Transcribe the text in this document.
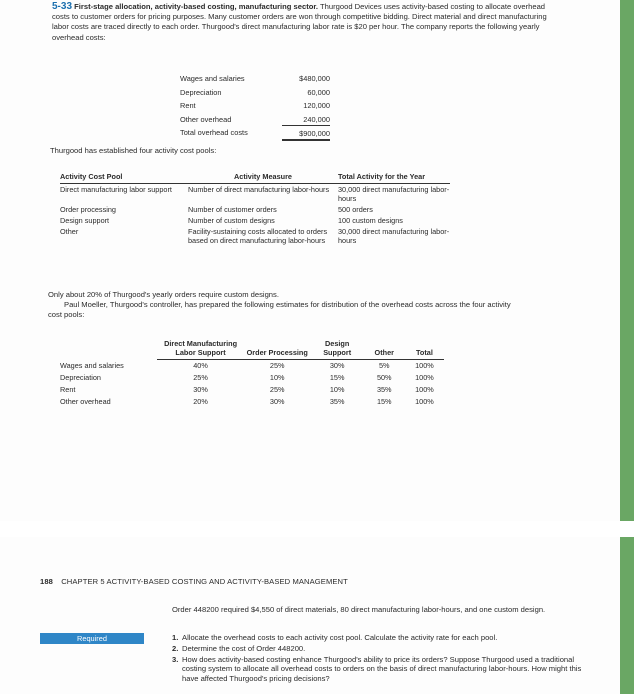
5-33 First-stage allocation, activity-based costing, manufacturing sector. Thurgood Devices uses activity-based costing to allocate overhead costs to customer orders for pricing purposes. Many customer orders are won through competitive bidding. Direct material and direct manufacturing labor costs are traced directly to each order. Thurgood's direct manufacturing labor rate is $20 per hour. The company reports the following yearly overhead costs:
Wages and salaries	$480,000
Depreciation	60,000
Rent	120,000
Other overhead	240,000
Total overhead costs	$900,000
Thurgood has established four activity cost pools:
Activity Cost Pool	Activity Measure	Total Activity for the Year
Direct manufacturing labor support	Number of direct manufacturing labor-hours	30,000 direct manufacturing labor-hours
Order processing	Number of customer orders	500 orders
Design support	Number of custom designs	100 custom designs
Other	Facility-sustaining costs allocated to orders based on direct manufacturing labor-hours	30,000 direct manufacturing labor-hours

Only about 20% of Thurgood's yearly orders require custom designs.

Paul Moeller, Thurgood's controller, has prepared the following estimates for distribution of the overhead costs across the four activity cost pools:

	Direct Manufacturing Labor Support	Order Processing	Design Support	Other	Total
Wages and salaries	40%	25%	30%	5%	100%
Depreciation	25%	10%	15%	50%	100%
Rent	30%	25%	10%	35%	100%
Other overhead	20%	30%	35%	15%	100%
188 CHAPTER 5 ACTIVITY-BASED COSTING AND ACTIVITY-BASED MANAGEMENT
Order 448200 required $4,550 of direct materials, 80 direct manufacturing labor-hours, and one custom design.
Required	1. Allocate the overhead costs to each activity cost pool. Calculate the activity rate for each pool.
2. Determine the cost of Order 448200.
3. How does activity-based costing enhance Thurgood's ability to price its orders? Suppose Thurgood used a traditional costing system to allocate all overhead costs to orders on the basis of direct manufacturing labor-hours. How might this have affected Thurgood's pricing decisions?
